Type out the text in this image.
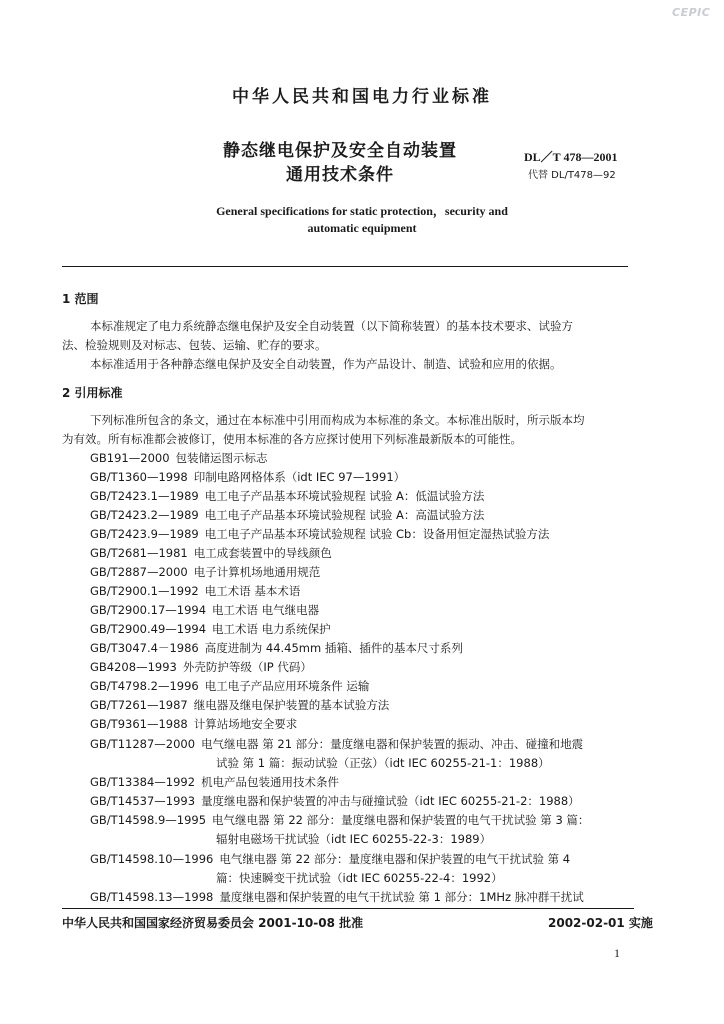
CEPIC
中华人民共和国电力行业标准
静态继电保护及安全自动装置
通用技术条件
DL／T 478—2001
代替 DL/T478—92
General specifications for static protection，security and
automatic equipment
1 范围
本标准规定了电力系统静态继电保护及安全自动装置（以下简称装置）的基本技术要求、试验方
法、检验规则及对标志、包装、运输、贮存的要求。
本标准适用于各种静态继电保护及安全自动装置，作为产品设计、制造、试验和应用的依据。
2 引用标准
下列标准所包含的条文，通过在本标准中引用而构成为本标准的条文。本标准出版时，所示版本均
为有效。所有标准都会被修订，使用本标准的各方应探讨使用下列标准最新版本的可能性。
GB191—2000 包装储运图示标志
GB/T1360—1998 印制电路网格体系（idt IEC 97—1991）
GB/T2423.1—1989 电工电子产品基本环境试验规程 试验 A：低温试验方法
GB/T2423.2—1989 电工电子产品基本环境试验规程 试验 A：高温试验方法
GB/T2423.9—1989 电工电子产品基本环境试验规程 试验 Cb：设备用恒定湿热试验方法
GB/T2681—1981 电工成套装置中的导线颜色
GB/T2887—2000 电子计算机场地通用规范
GB/T2900.1—1992 电工术语 基本术语
GB/T2900.17—1994 电工术语 电气继电器
GB/T2900.49—1994 电工术语 电力系统保护
GB/T3047.4－1986 高度进制为 44.45mm 插箱、插件的基本尺寸系列
GB4208—1993 外壳防护等级（IP 代码）
GB/T4798.2—1996 电工电子产品应用环境条件 运输
GB/T7261—1987 继电器及继电保护装置的基本试验方法
GB/T9361—1988 计算站场地安全要求
GB/T11287—2000 电气继电器 第 21 部分：量度继电器和保护装置的振动、冲击、碰撞和地震
试验 第 1 篇：振动试验（正弦）（idt IEC 60255-21-1：1988）
GB/T13384—1992 机电产品包装通用技术条件
GB/T14537—1993 量度继电器和保护装置的冲击与碰撞试验（idt IEC 60255-21-2：1988）
GB/T14598.9—1995 电气继电器 第 22 部分：量度继电器和保护装置的电气干扰试验 第 3 篇：
辐射电磁场干扰试验（idt IEC 60255-22-3：1989）
GB/T14598.10—1996 电气继电器 第 22 部分：量度继电器和保护装置的电气干扰试验 第 4
篇：快速瞬变干扰试验（idt IEC 60255-22-4：1992）
GB/T14598.13—1998 量度继电器和保护装置的电气干扰试验 第 1 部分：1MHz 脉冲群干扰试
中华人民共和国国家经济贸易委员会 2001-10-08 批准	2002-02-01 实施
1
